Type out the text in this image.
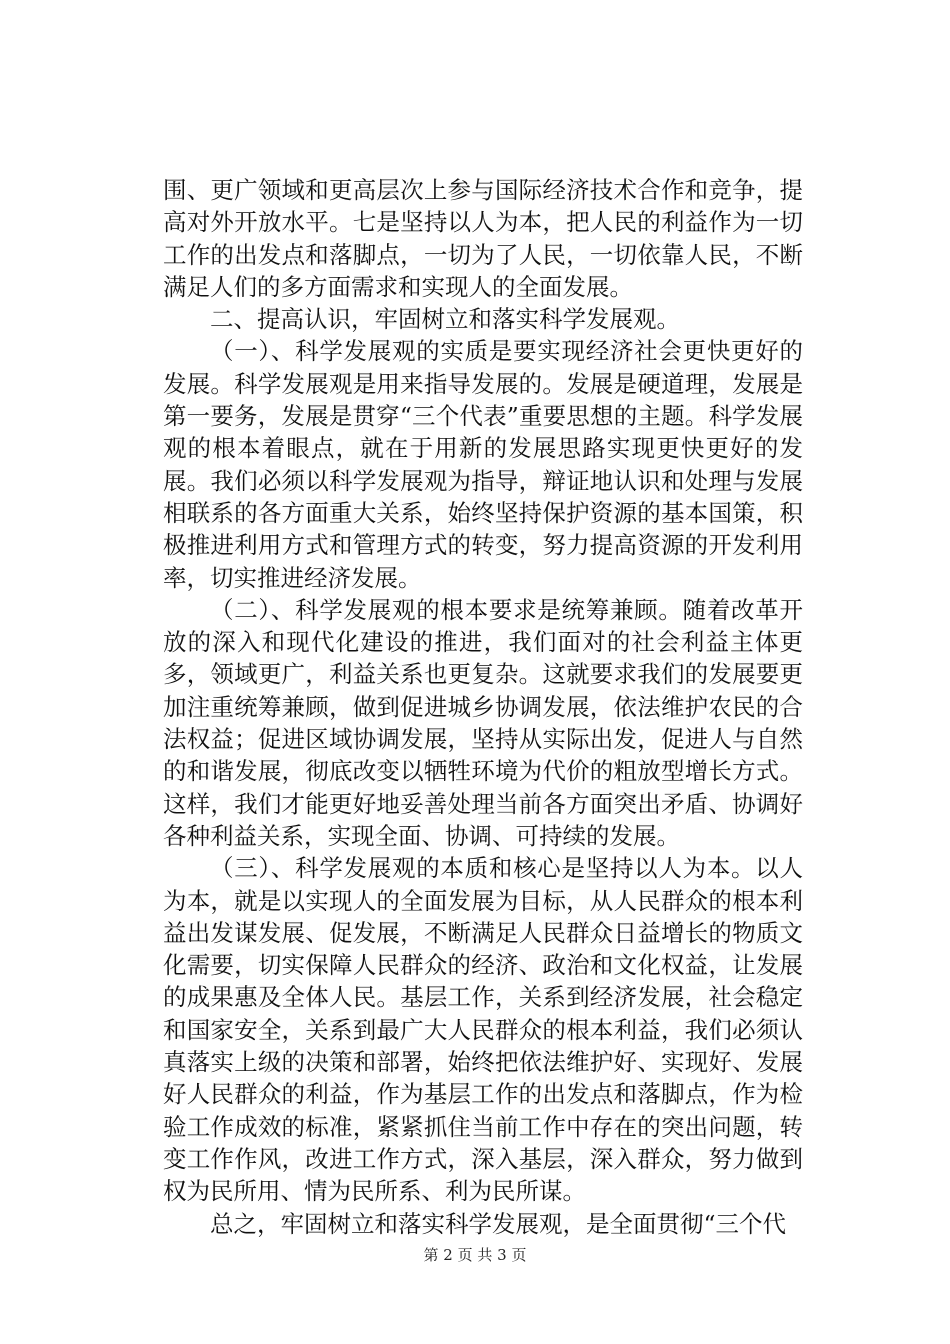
围、更广领域和更高层次上参与国际经济技术合作和竞争，提高对外开放水平。七是坚持以人为本，把人民的利益作为一切工作的出发点和落脚点，一切为了人民，一切依靠人民，不断满足人们的多方面需求和实现人的全面发展。

二、提高认识，牢固树立和落实科学发展观。

（一）、科学发展观的实质是要实现经济社会更快更好的发展。科学发展观是用来指导发展的。发展是硬道理，发展是第一要务，发展是贯穿“三个代表”重要思想的主题。科学发展观的根本着眼点，就在于用新的发展思路实现更快更好的发展。我们必须以科学发展观为指导，辩证地认识和处理与发展相联系的各方面重大关系，始终坚持保护资源的基本国策，积极推进利用方式和管理方式的转变，努力提高资源的开发利用率，切实推进经济发展。

（二）、科学发展观的根本要求是统筹兼顾。随着改革开放的深入和现代化建设的推进，我们面对的社会利益主体更多，领域更广，利益关系也更复杂。这就要求我们的发展要更加注重统筹兼顾，做到促进城乡协调发展，依法维护农民的合法权益；促进区域协调发展，坚持从实际出发，促进人与自然的和谐发展，彻底改变以牺牲环境为代价的粗放型增长方式。这样，我们才能更好地妥善处理当前各方面突出矛盾、协调好各种利益关系，实现全面、协调、可持续的发展。

（三）、科学发展观的本质和核心是坚持以人为本。以人为本，就是以实现人的全面发展为目标，从人民群众的根本利益出发谋发展、促发展，不断满足人民群众日益增长的物质文化需要，切实保障人民群众的经济、政治和文化权益，让发展的成果惠及全体人民。基层工作，关系到经济发展，社会稳定和国家安全，关系到最广大人民群众的根本利益，我们必须认真落实上级的决策和部署，始终把依法维护好、实现好、发展好人民群众的利益，作为基层工作的出发点和落脚点，作为检验工作成效的标准，紧紧抓住当前工作中存在的突出问题，转变工作作风，改进工作方式，深入基层，深入群众，努力做到权为民所用、情为民所系、利为民所谋。

总之，牢固树立和落实科学发展观，是全面贯彻“三个代

第 2 页 共 3 页
